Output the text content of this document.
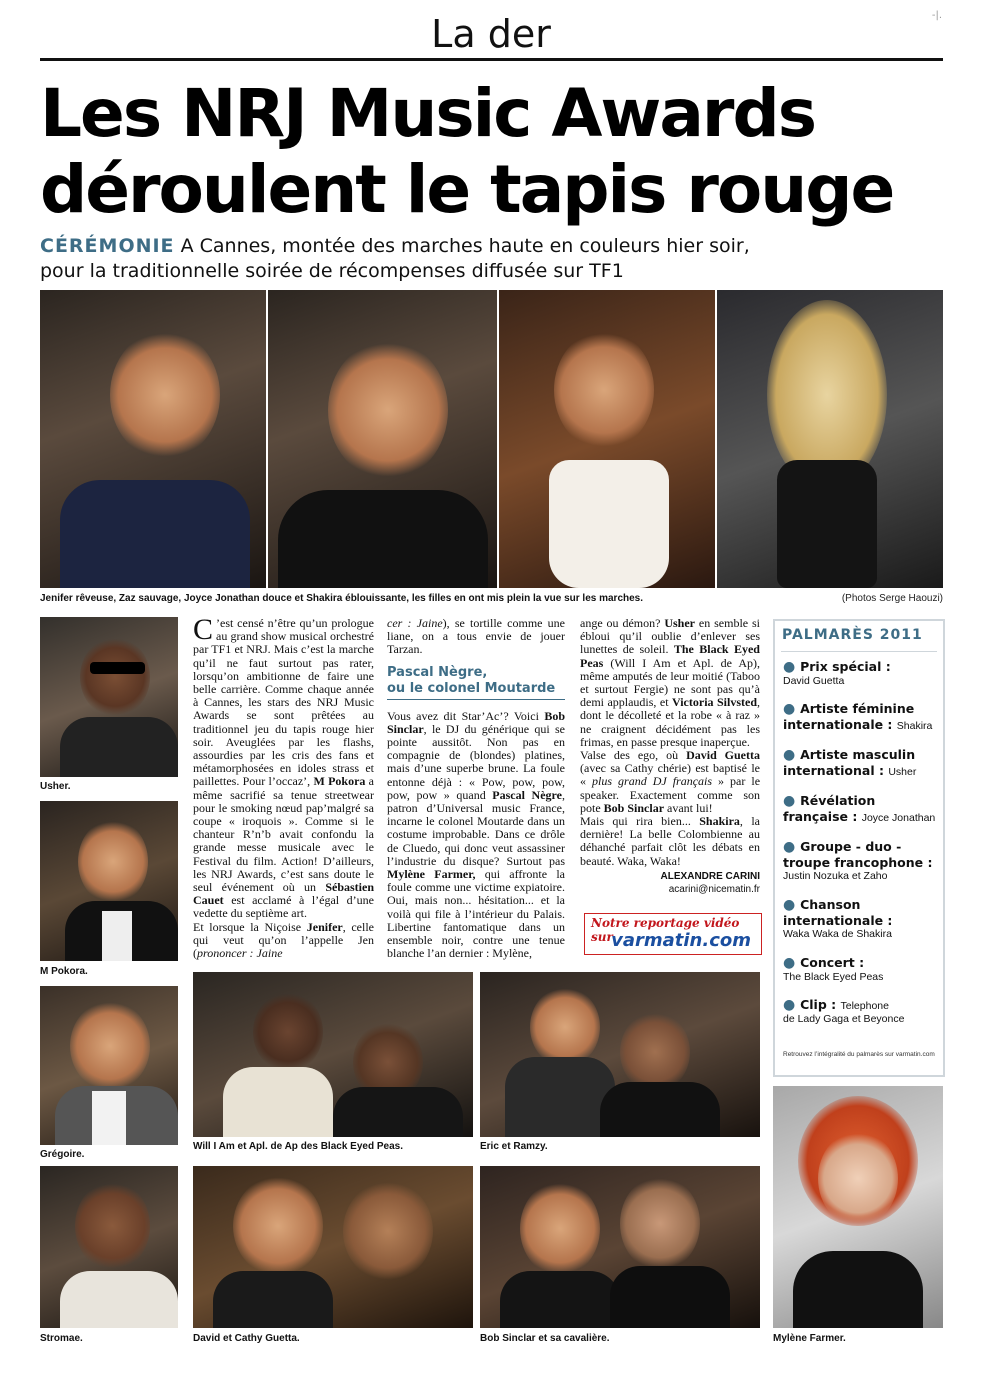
La der	-|.
Les NRJ Music Awards
déroulent le tapis rouge
CÉRÉMONIE A Cannes, montée des marches haute en couleurs hier soir,
pour la traditionnelle soirée de récompenses diffusée sur TF1
Jenifer rêveuse, Zaz sauvage, Joyce Jonathan douce et Shakira éblouissante, les filles en ont mis plein la vue sur les marches.	(Photos Serge Haouzi)
Usher.
M Pokora.
Grégoire.
Stromae.

C ’est censé n’être qu’un prologue au grand show musical orchestré par TF1 et NRJ. Mais c’est la marche qu’il ne faut surtout pas rater, lorsqu’on ambitionne de faire une belle carrière. Comme chaque année à Cannes, les stars des NRJ Music Awards se sont prêtées au traditionnel jeu du tapis rouge hier soir. Aveuglées par les flashs, assourdies par les cris des fans et métamorphosées en idoles strass et paillettes. Pour l’occaz’, M Pokora a même sacrifié sa tenue streetwear pour le smoking nœud pap’malgré sa coupe « iroquois ». Comme si le chanteur R’n’b avait confondu la grande messe musicale avec le Festival du film. Action! D’ailleurs, les NRJ Awards, c’est sans doute le seul événement où un Sébastien Cauet est acclamé à l’égal d’une vedette du septième art.

Et lorsque la Niçoise Jenifer, celle qui veut qu’on l’appelle Jen (prononcer : Jaine

cer : Jaine), se tortille comme une liane, on a tous envie de jouer Tarzan.

Pascal Nègre,
ou le colonel Moutarde

Vous avez dit Star’Ac’? Voici Bob Sinclar, le DJ du générique qui se pointe aussitôt. Non pas en compagnie de (blondes) platines, mais d’une superbe brune. La foule entonne déjà : « Pow, pow, pow, pow, pow » quand Pascal Nègre, patron d’Universal music France, incarne le colonel Moutarde dans un costume improbable. Dans ce drôle de Cluedo, qui donc veut assassiner l’industrie du disque? Surtout pas Mylène Farmer, qui affronte la foule comme une victime expiatoire. Oui, mais non... hésitation... et la voilà qui file à l’intérieur du Palais. Libertine fantomatique dans un ensemble noir, contre une tenue blanche l’an dernier : Mylène,

ange ou démon? Usher en semble si ébloui qu’il oublie d’enlever ses lunettes de soleil. The Black Eyed Peas (Will I Am et Apl. de Ap), même amputés de leur moitié (Taboo et surtout Fergie) ne sont pas qu’à demi applaudis, et Victoria Silvsted, dont le décolleté et la robe « à raz » ne craignent décidément pas les frimas, en passe presque inaperçue.

Valse des ego, où David Guetta (avec sa Cathy chérie) est baptisé le « plus grand DJ français » par le speaker. Exactement comme son pote Bob Sinclar avant lui!

Mais qui rira bien... Shakira, la dernière! La belle Colombienne au déhanché parfait clôt les débats en beauté. Waka, Waka!

ALEXANDRE CARINI
acarini@nicematin.fr
Notre reportage vidéo sur
varmatin.com
PALMARÈS 2011
● Prix spécial :
David Guetta
● Artiste féminine
internationale : Shakira
● Artiste masculin
international : Usher
● Révélation
française : Joyce Jonathan
● Groupe - duo -
troupe francophone :
Justin Nozuka et Zaho
● Chanson
internationale :
Waka Waka de Shakira
● Concert :
The Black Eyed Peas
● Clip : Telephone
de Lady Gaga et Beyonce
Retrouvez l’intégralité du palmarès sur varmatin.com
Will I Am et Apl. de Ap des Black Eyed Peas.	Eric et Ramzy.
David et Cathy Guetta.	Bob Sinclar et sa cavalière.	Mylène Farmer.
